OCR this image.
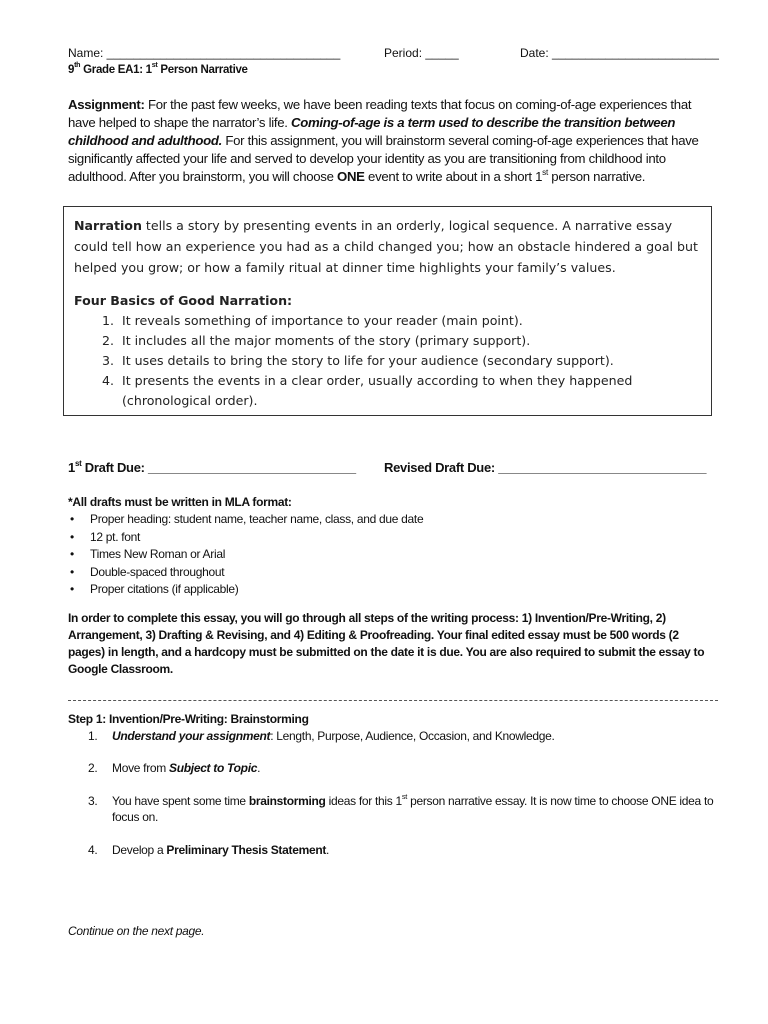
Name: ___________________________________	Period: _____	Date: _________________________
9th Grade EA1: 1st Person Narrative
Assignment: For the past few weeks, we have been reading texts that focus on coming-of-age experiences that have helped to shape the narrator’s life. Coming-of-age is a term used to describe the transition between childhood and adulthood. For this assignment, you will brainstorm several coming-of-age experiences that have significantly affected your life and served to develop your identity as you are transitioning from childhood into adulthood. After you brainstorm, you will choose ONE event to write about in a short 1st person narrative.
Narration tells a story by presenting events in an orderly, logical sequence. A narrative essay could tell how an experience you had as a child changed you; how an obstacle hindered a goal but helped you grow; or how a family ritual at dinner time highlights your family’s values.
Four Basics of Good Narration:
1. It reveals something of importance to your reader (main point).
2. It includes all the major moments of the story (primary support).
3. It uses details to bring the story to life for your audience (secondary support).
4. It presents the events in a clear order, usually according to when they happened (chronological order).
1st Draft Due: ______________________________ Revised Draft Due: ______________________________
*All drafts must be written in MLA format:
• Proper heading: student name, teacher name, class, and due date
• 12 pt. font
• Times New Roman or Arial
• Double-spaced throughout
• Proper citations (if applicable)
In order to complete this essay, you will go through all steps of the writing process: 1) Invention/Pre-Writing, 2) Arrangement, 3) Drafting & Revising, and 4) Editing & Proofreading. Your final edited essay must be 500 words (2 pages) in length, and a hardcopy must be submitted on the date it is due. You are also required to submit the essay to Google Classroom.
Step 1: Invention/Pre-Writing: Brainstorming
1. Understand your assignment: Length, Purpose, Audience, Occasion, and Knowledge.
2. Move from Subject to Topic.
3. You have spent some time brainstorming ideas for this 1st person narrative essay. It is now time to choose ONE idea to focus on.
4. Develop a Preliminary Thesis Statement.
Continue on the next page.
